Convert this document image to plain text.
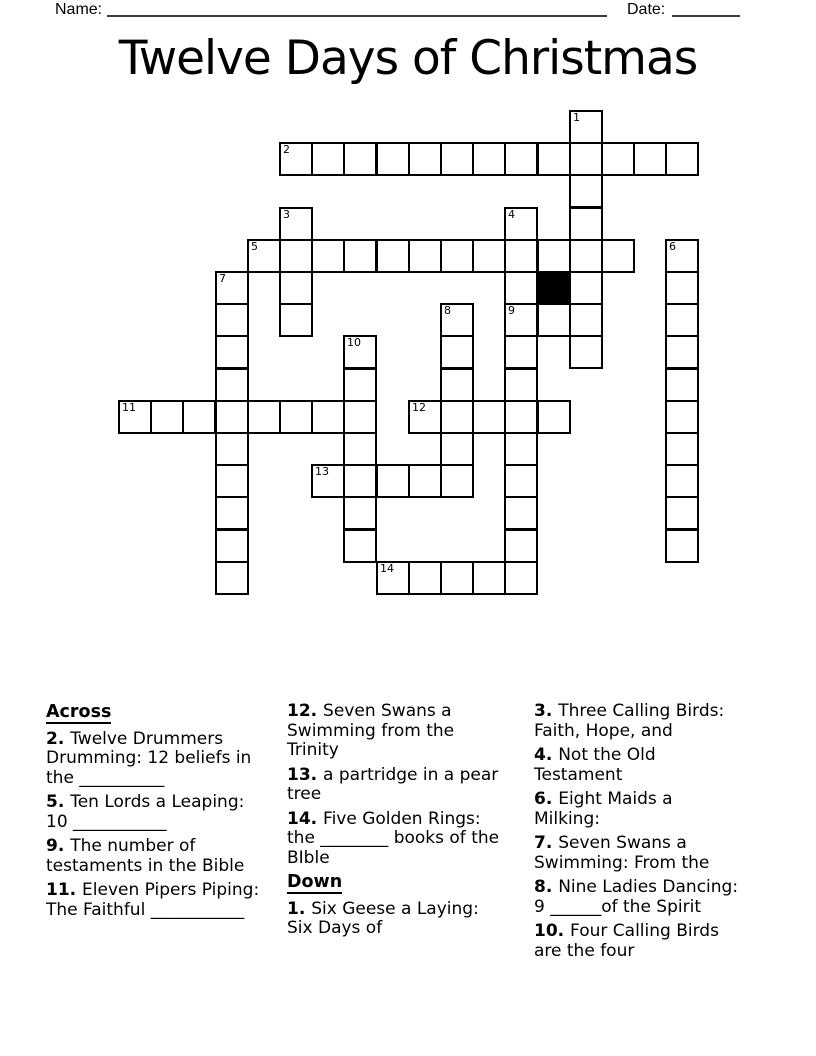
Name:	Date:
Twelve Days of Christmas
1
2
3	4
5	6
7
8	9
10
11	12
13
14
Across
2. Twelve Drummers Drumming: 12 beliefs in the __________
5. Ten Lords a Leaping: 10 ___________
9. The number of testaments in the Bible
11. Eleven Pipers Piping: The Faithful ___________
12. Seven Swans a Swimming from the Trinity
13. a partridge in a pear tree
14. Five Golden Rings: the ________ books of the BIble
Down
1. Six Geese a Laying: Six Days of
3. Three Calling Birds: Faith, Hope, and
4. Not the Old Testament
6. Eight Maids a Milking:
7. Seven Swans a Swimming: From the
8. Nine Ladies Dancing: 9 ______of the Spirit
10. Four Calling Birds are the four
